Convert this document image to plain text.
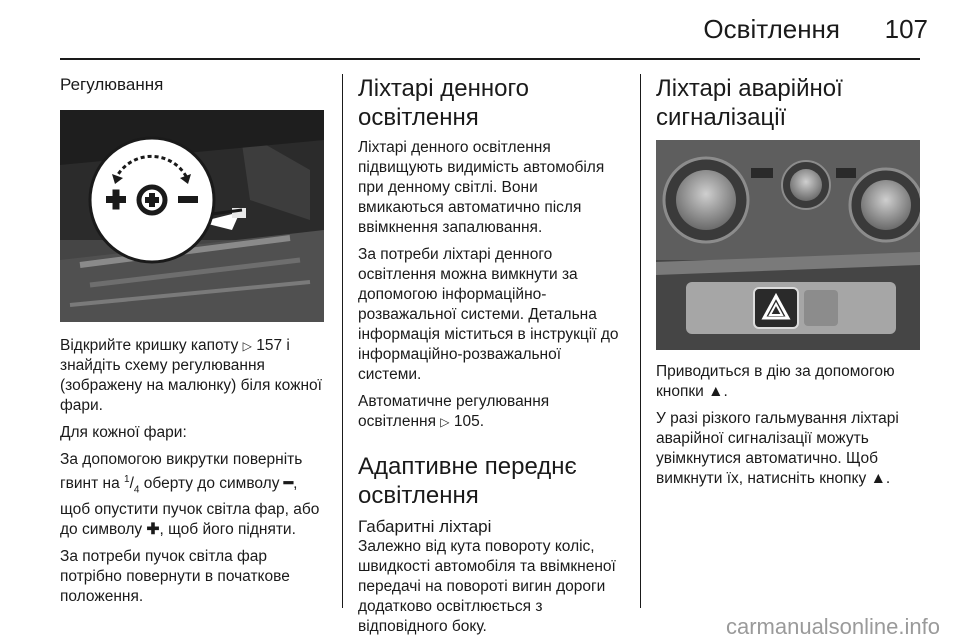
Освітлення	107
Регулювання

Відкрийте кришку капоту ▷ 157 і знайдіть схему регулювання (зображену на малюнку) біля кожної фари.

Для кожної фари:

За допомогою викрутки поверніть гвинт на $^1/_4$ оберту до символу ━, щоб опустити пучок світла фар, або до символу ✚, щоб його підняти.

За потреби пучок світла фар потрібно повернути в початкове положення.

Ліхтарі денного освітлення

Ліхтарі денного освітлення підвищують видимість автомобіля при денному світлі. Вони вмикаються автоматично після ввімкнення запалювання.

За потреби ліхтарі денного освітлення можна вимкнути за допомогою інформаційно-розважальної системи. Детальна інформація міститься в інструкції до інформаційно-розважальної системи.

Автоматичне регулювання освітлення ▷ 105.

Адаптивне переднє освітлення
Габаритні ліхтарі

Залежно від кута повороту коліс, швидкості автомобіля та ввімкненої передачі на повороті вигин дороги додатково освітлюється з відповідного боку.

Ліхтарі аварійної сигналізації

Приводиться в дію за допомогою кнопки ▲.

У разі різкого гальмування ліхтарі аварійної сигналізації можуть увімкнутися автоматично. Щоб вимкнути їх, натисніть кнопку ▲.

carmanualsonline.info
